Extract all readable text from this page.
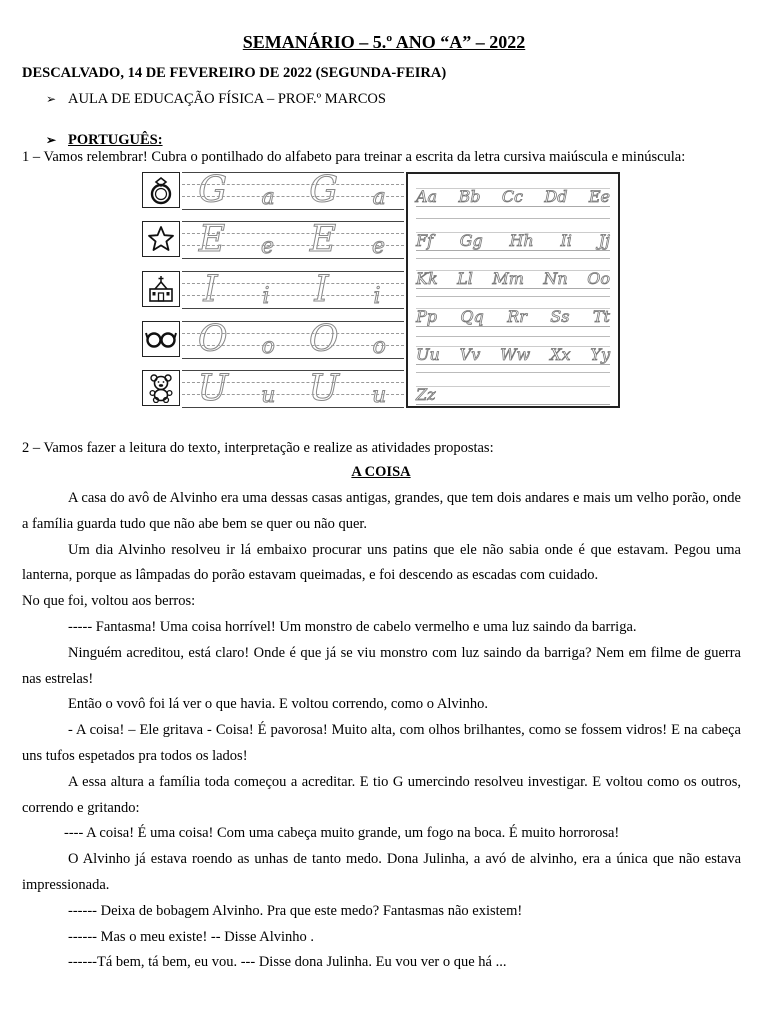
SEMANÁRIO – 5.º ANO “A” – 2022
DESCALVADO, 14 DE FEVEREIRO DE 2022 (SEGUNDA-FEIRA)
➢ AULA DE EDUCAÇÃO FÍSICA – PROF.º MARCOS
➢ PORTUGUÊS:
1 – Vamos relembrar! Cubra o pontilhado do alfabeto para treinar a escrita da letra cursiva maiúscula e minúscula:
G a G a
E e E e
I i I i
O o O o
U u U u
Aa Bb Cc Dd Ee
Ff Gg Hh Ii Jj
Kk Ll Mm Nn Oo
Pp Qq Rr Ss Tt
Uu Vv Ww Xx Yy
Zz
2 – Vamos fazer a leitura do texto, interpretação e realize as atividades propostas:
A COISA

A casa do avô de Alvinho era uma dessas casas antigas, grandes, que tem dois andares e mais um velho porão, onde a família guarda tudo que não abe bem se quer ou não quer.

Um dia Alvinho resolveu ir lá embaixo procurar uns patins que ele não sabia onde é que estavam. Pegou uma lanterna, porque as lâmpadas do porão estavam queimadas, e foi descendo as escadas com cuidado.

No que foi, voltou aos berros:

----- Fantasma! Uma coisa horrível! Um monstro de cabelo vermelho e uma luz saindo da barriga.

Ninguém acreditou, está claro! Onde é que já se viu monstro com luz saindo da barriga? Nem em filme de guerra nas estrelas!

Então o vovô foi lá ver o que havia. E voltou correndo, como o Alvinho.

- A coisa! – Ele gritava - Coisa! É pavorosa! Muito alta, com olhos brilhantes, como se fossem vidros! E na cabeça uns tufos espetados pra todos os lados!

A essa altura a família toda começou a acreditar. E tio G umercindo resolveu investigar. E voltou como os outros, correndo e gritando:

---- A coisa! É uma coisa! Com uma cabeça muito grande, um fogo na boca. É muito horrorosa!

O Alvinho já estava roendo as unhas de tanto medo. Dona Julinha, a avó de alvinho, era a única que não estava impressionada.

------ Deixa de bobagem Alvinho. Pra que este medo? Fantasmas não existem!

------ Mas o meu existe! -- Disse Alvinho .

------Tá bem, tá bem, eu vou. --- Disse dona Julinha. Eu vou ver o que há ...
